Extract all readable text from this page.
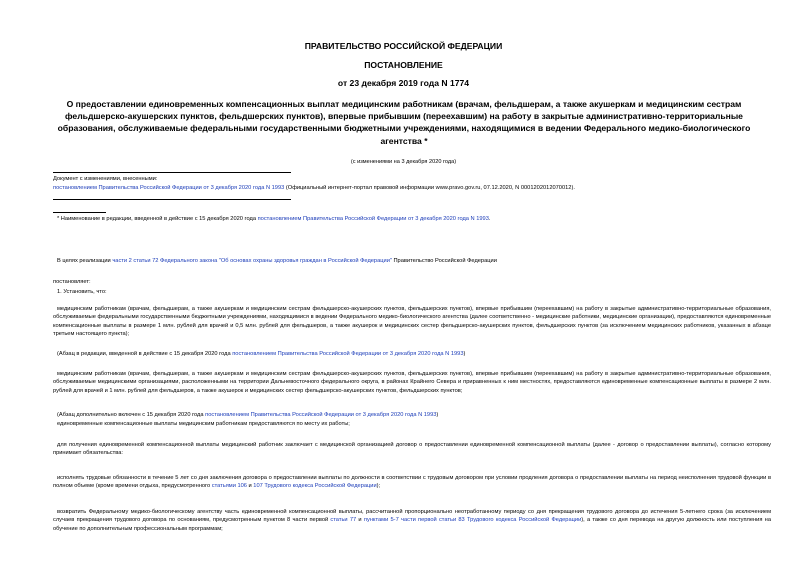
ПРАВИТЕЛЬСТВО РОССИЙСКОЙ ФЕДЕРАЦИИ
ПОСТАНОВЛЕНИЕ
от 23 декабря 2019 года N 1774
О предоставлении единовременных компенсационных выплат медицинским работникам (врачам, фельдшерам, а также акушеркам и медицинским сестрам фельдшерско-акушерских пунктов, фельдшерских пунктов), впервые прибывшим (переехавшим) на работу в закрытые административно-территориальные образования, обслуживаемые федеральными государственными бюджетными учреждениями, находящимися в ведении Федерального медико-биологического агентства *
(с изменениями на 3 декабря 2020 года)
Документ с изменениями, внесенными:
постановлением Правительства Российской Федерации от 3 декабря 2020 года N 1993 (Официальный интернет-портал правовой информации www.pravo.gov.ru, 07.12.2020, N 0001202012070012).
* Наименование в редакции, введенной в действие с 15 декабря 2020 года постановлением Правительства Российской Федерации от 3 декабря 2020 года N 1993.
В целях реализации части 2 статьи 72 Федерального закона "Об основах охраны здоровья граждан в Российской Федерации" Правительство Российской Федерации
постановляет:
1. Установить, что:
медицинским работникам (врачам, фельдшерам, а также акушеркам и медицинским сестрам фельдшерско-акушерских пунктов, фельдшерских пунктов), впервые прибывшим (переехавшим) на работу в закрытые административно-территориальные образования, обслуживаемые федеральными государственными бюджетными учреждениями, находящимися в ведении Федерального медико-биологического агентства (далее соответственно - медицинские работники, медицинские организации), предоставляются единовременные компенсационные выплаты в размере 1 млн. рублей для врачей и 0,5 млн. рублей для фельдшеров, а также акушерок и медицинских сестер фельдшерско-акушерских пунктов, фельдшерских пунктов (за исключением медицинских работников, указанных в абзаце третьем настоящего пункта);
(Абзац в редакции, введенной в действие с 15 декабря 2020 года постановлением Правительства Российской Федерации от 3 декабря 2020 года N 1993)
медицинским работникам (врачам, фельдшерам, а также акушеркам и медицинским сестрам фельдшерско-акушерских пунктов, фельдшерских пунктов), впервые прибывшим (переехавшим) на работу в закрытые административно-территориальные образования, обслуживаемые медицинскими организациями, расположенными на территории Дальневосточного федерального округа, в районах Крайнего Севера и приравненных к ним местностях, предоставляются единовременные компенсационные выплаты в размере 2 млн. рублей для врачей и 1 млн. рублей для фельдшеров, а также акушерок и медицинских сестер фельдшерско-акушерских пунктов, фельдшерских пунктов;
(Абзац дополнительно включен с 15 декабря 2020 года постановлением Правительства Российской Федерации от 3 декабря 2020 года N 1993)
единовременные компенсационные выплаты медицинским работникам предоставляются по месту их работы;
для получения единовременной компенсационной выплаты медицинский работник заключает с медицинской организацией договор о предоставлении единовременной компенсационной выплаты (далее - договор о предоставлении выплаты), согласно которому принимает обязательства:
исполнять трудовые обязанности в течение 5 лет со дня заключения договора о предоставлении выплаты по должности в соответствии с трудовым договором при условии продления договора о предоставлении выплаты на период неисполнения трудовой функции в полном объеме (кроме времени отдыха, предусмотренного статьями 106 и 107 Трудового кодекса Российской Федерации);
возвратить Федеральному медико-биологическому агентству часть единовременной компенсационной выплаты, рассчитанной пропорционально неотработанному периоду со дня прекращения трудового договора до истечения 5-летнего срока (за исключением случаев прекращения трудового договора по основаниям, предусмотренным пунктом 8 части первой статьи 77 и пунктами 5-7 части первой статьи 83 Трудового кодекса Российской Федерации), а также со дня перевода на другую должность или поступления на обучение по дополнительным профессиональным программам;
